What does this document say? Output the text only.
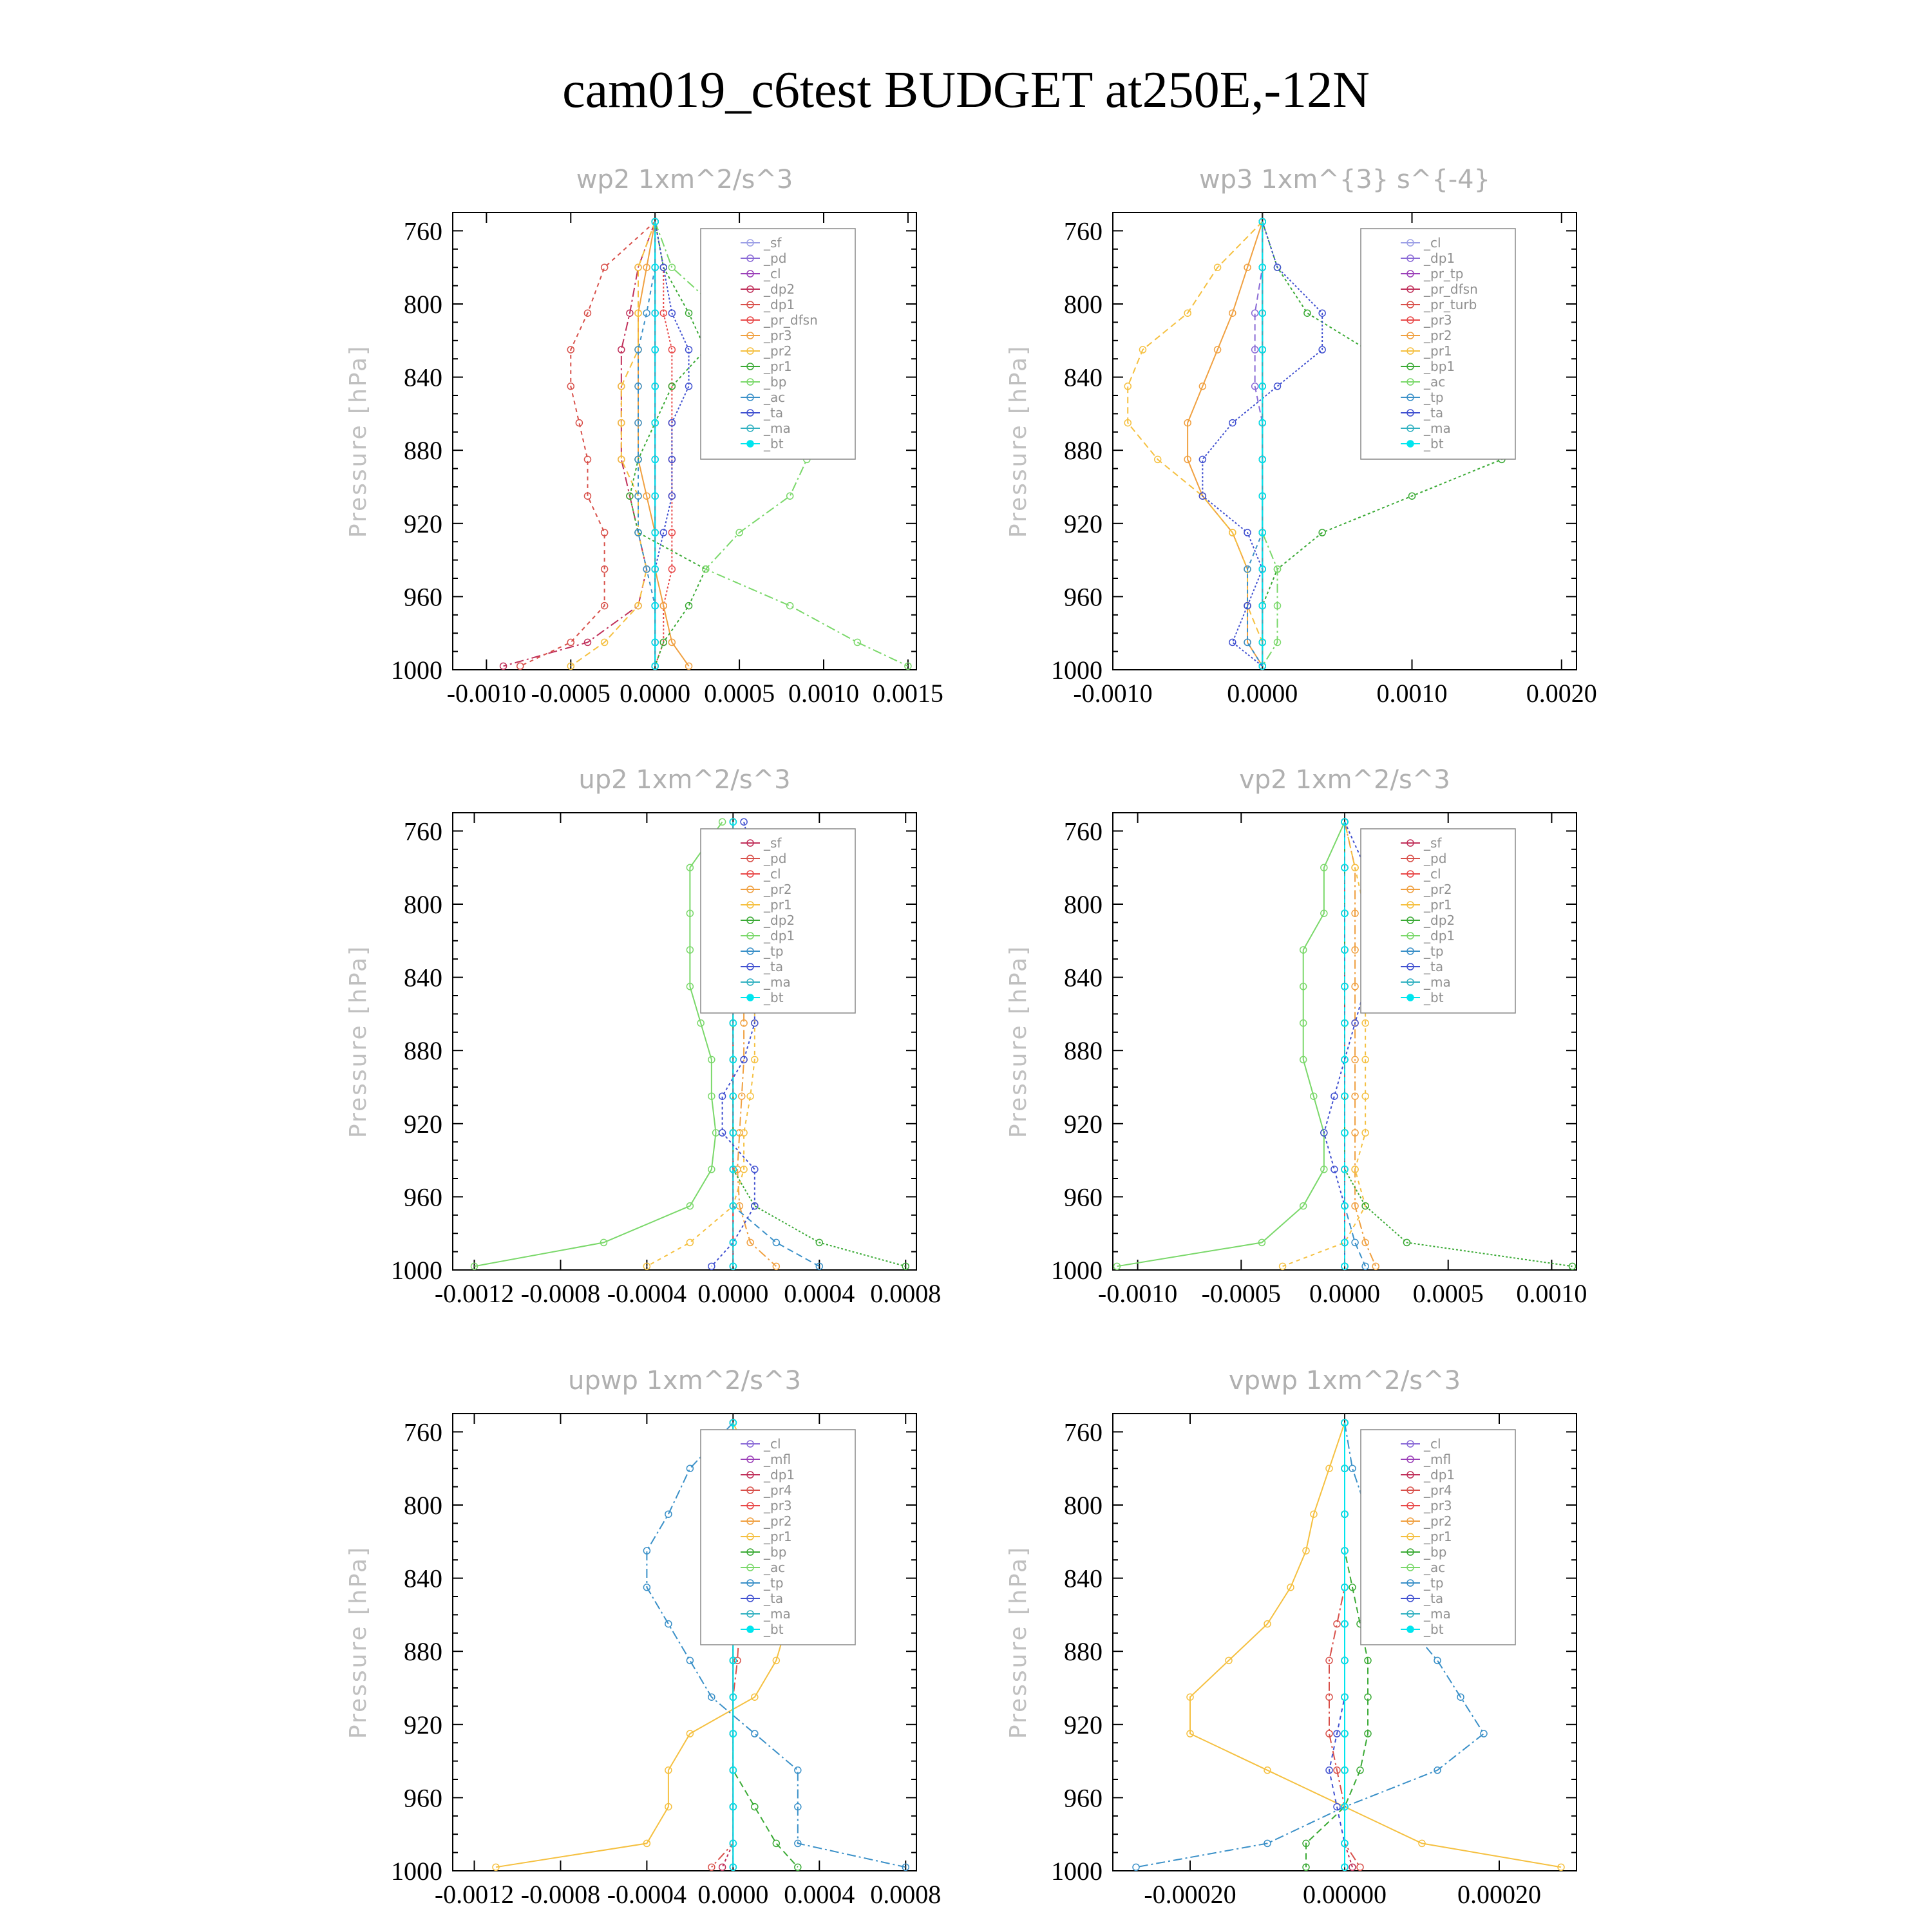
cam019_c6test BUDGET at250E,-12N
wp2 1xm^2/s^3
Pressure [hPa]
760
800
840
880
920
960
1000
-0.0010 -0.0005 0.0000 0.0005 0.0010 0.0015
_sf
_pd
_cl
_dp2
_dp1
_pr_dfsn
_pr3
_pr2
_pr1
_bp
_ac
_ta
_ma
_bt
wp3 1xm^{3} s^{-4}
Pressure [hPa]
760
800
840
880
920
960
1000
-0.0010	0.0000	0.0010	0.0020
_cl
_dp1
_pr_tp
_pr_dfsn
_pr_turb
_pr3
_pr2
_pr1
_bp1
_ac
_tp
_ta
_ma
_bt
up2 1xm^2/s^3
Pressure [hPa]
760
800
840
880
920
960
1000
-0.0012 -0.0008 -0.0004 0.0000 0.0004 0.0008
_sf
_pd
_cl
_pr2
_pr1
_dp2
_dp1
_tp
_ta
_ma
_bt
vp2 1xm^2/s^3
Pressure [hPa]
760
800
840
880
920
960
1000
-0.0010 -0.0005 0.0000 0.0005 0.0010
_sf
_pd
_cl
_pr2
_pr1
_dp2
_dp1
_tp
_ta
_ma
_bt
upwp 1xm^2/s^3
Pressure [hPa]
760
800
840
880
920
960
1000
-0.0012 -0.0008 -0.0004 0.0000 0.0004 0.0008
_cl
_mfl
_dp1
_pr4
_pr3
_pr2
_pr1
_bp
_ac
_tp
_ta
_ma
_bt
vpwp 1xm^2/s^3
Pressure [hPa]
760
800
840
880
920
960
1000
-0.00020	0.00000	0.00020
_cl
_mfl
_dp1
_pr4
_pr3
_pr2
_pr1
_bp
_ac
_tp
_ta
_ma
_bt
